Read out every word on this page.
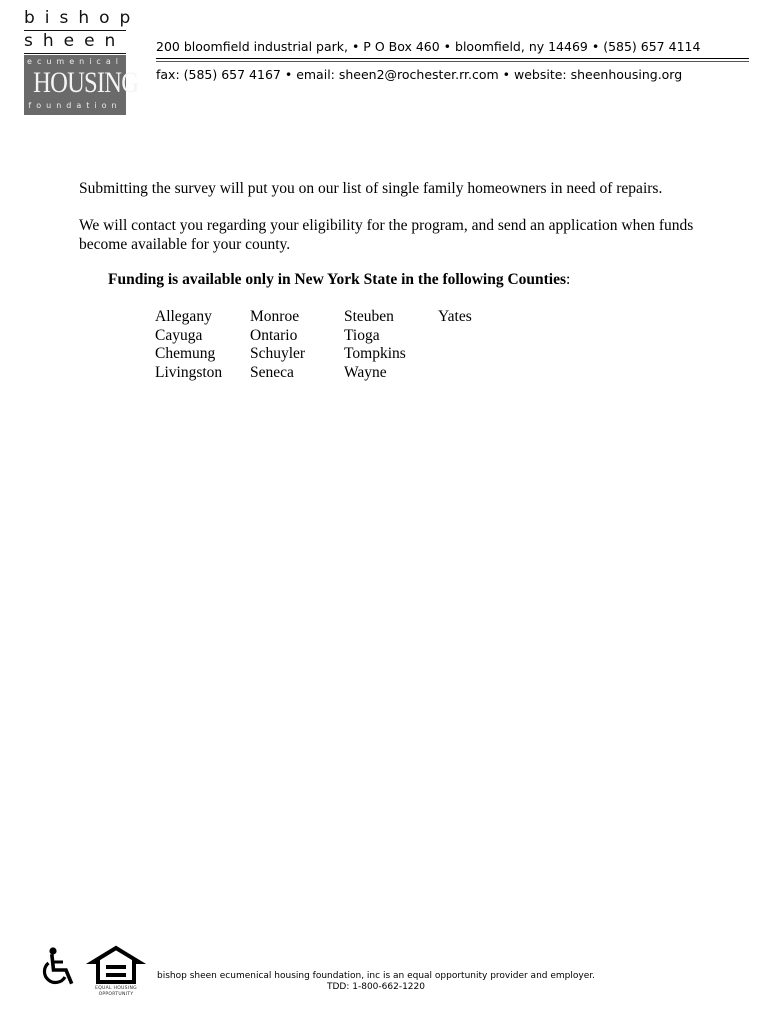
bishop
sheen
ecumenical
HOUSING
foundation
200 bloomfield industrial park, • P O Box 460 • bloomfield, ny 14469 • (585) 657 4114
fax: (585) 657 4167 • email: sheen2@rochester.rr.com • website: sheenhousing.org
Submitting the survey will put you on our list of single family homeowners in need of repairs.
We will contact you regarding your eligibility for the program, and send an application when funds become available for your county.
Funding is available only in New York State in the following Counties:
Allegany
Cayuga
Chemung
Livingston
Monroe
Ontario
Schuyler
Seneca
Steuben
Tioga
Tompkins
Wayne
Yates
EQUAL HOUSING
OPPORTUNITY
bishop sheen ecumenical housing foundation, inc is an equal opportunity provider and employer.
TDD: 1-800-662-1220
